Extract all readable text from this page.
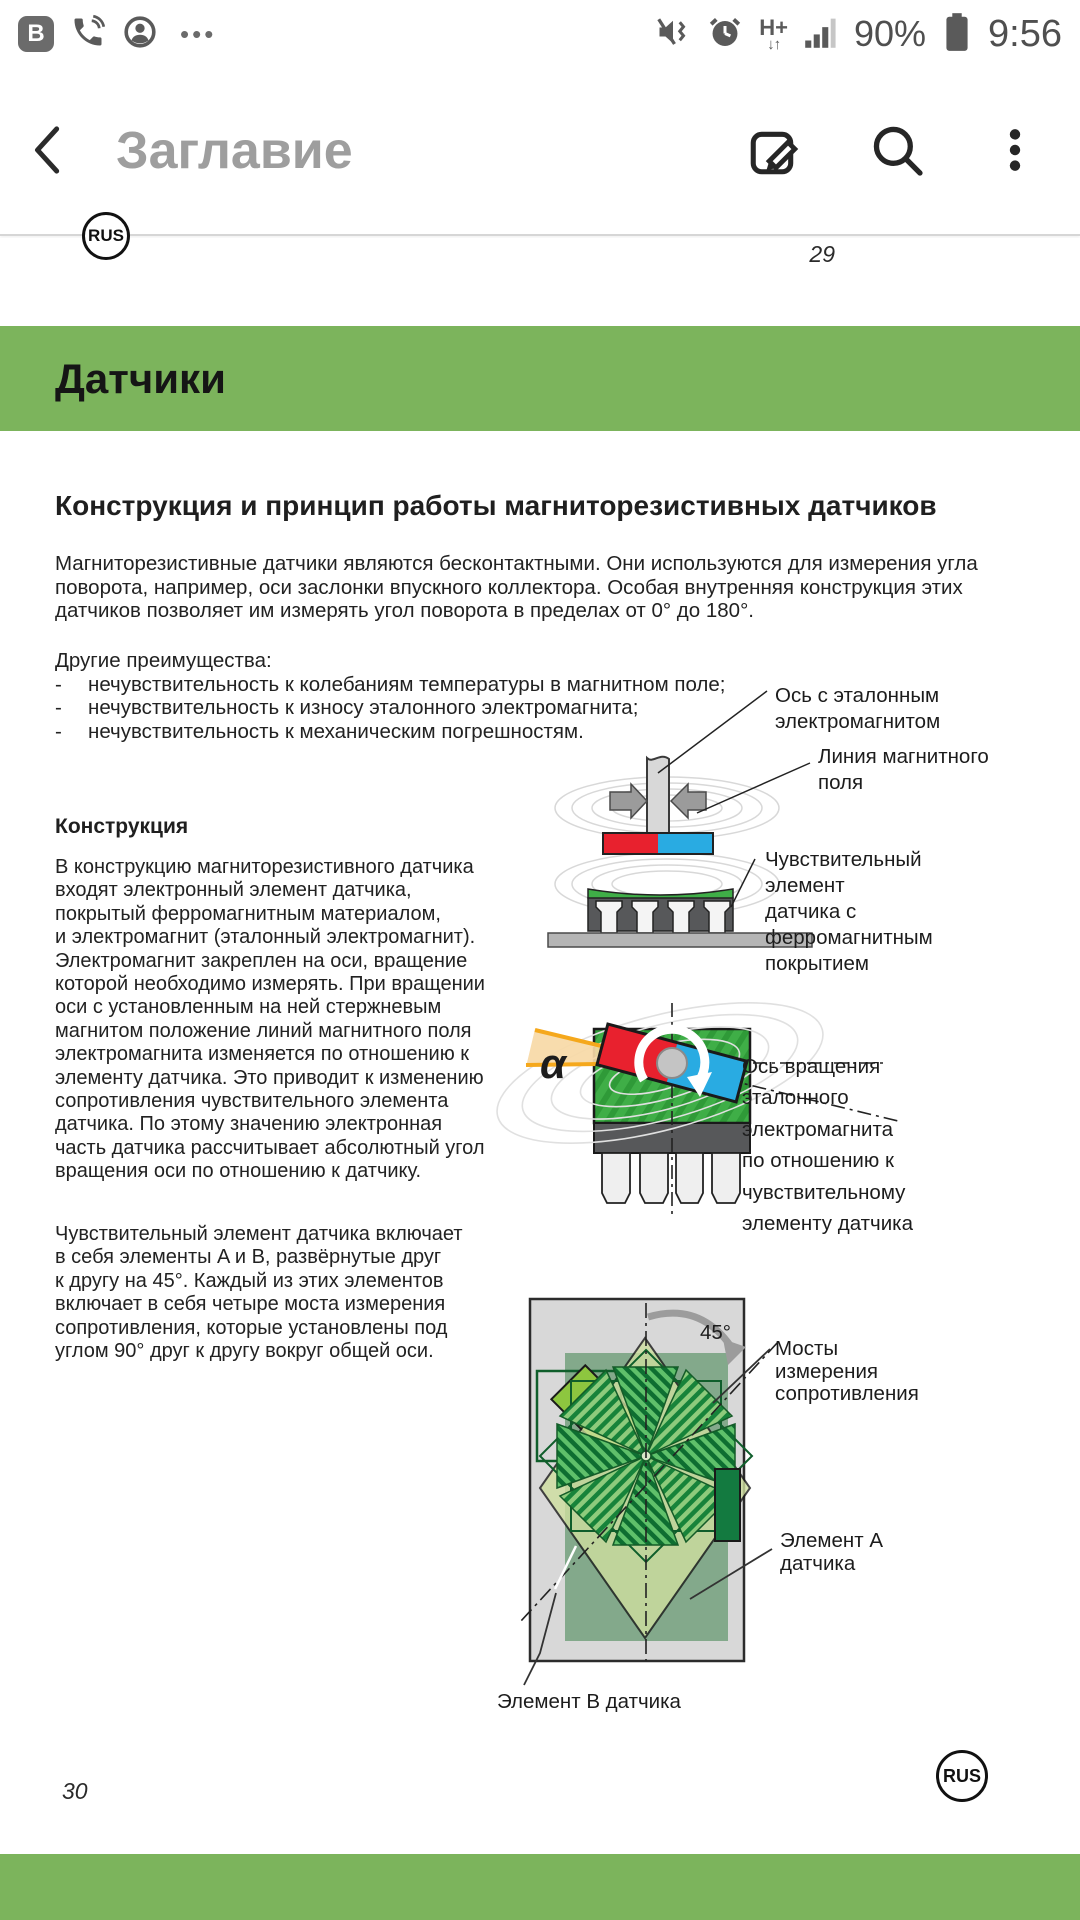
B	•••	H+
↓↑ 90% 9:56
Заглавие
RUS
29
Датчики
Конструкция и принцип работы магниторезистивных датчиков
Магниторезистивные датчики являются бесконтактными. Они используются для измерения угла
поворота, например, оси заслонки впускного коллектора. Особая внутренняя конструкция этих
датчиков позволяет им измерять угол поворота в пределах от 0° до 180°.
Другие преимущества:
-	нечувствительность к колебаниям температуры в магнитном поле;
-	нечувствительность к износу эталонного электромагнита;
-	нечувствительность к механическим погрешностям.
Конструкция
В конструкцию магниторезистивного датчика
входят электронный элемент датчика,
покрытый ферромагнитным материалом,
и электромагнит (эталонный электромагнит).
Электромагнит закреплен на оси, вращение
которой необходимо измерять. При вращении
оси с установленным на ней стержневым
магнитом положение линий магнитного поля
электромагнита изменяется по отношению к
элементу датчика. Это приводит к изменению
сопротивления чувствительного элемента
датчика. По этому значению электронная
часть датчика рассчитывает абсолютный угол
вращения оси по отношению к датчику.
Чувствительный элемент датчика включает
в себя элементы A и B, развёрнутые друг
к другу на 45°. Каждый из этих элементов
включает в себя четыре моста измерения
сопротивления, которые установлены под
углом 90° друг к другу вокруг общей оси.
Ось с эталонным
электромагнитом
Линия магнитного
поля
Чувствительный
элемент
датчика с
ферромагнитным
покрытием
α	Ось вращения
эталонного
электромагнита
по отношению к
чувствительному
элементу датчика
45°
Мосты
измерения
сопротивления
Элемент A
датчика
Элемент B датчика
30
RUS
